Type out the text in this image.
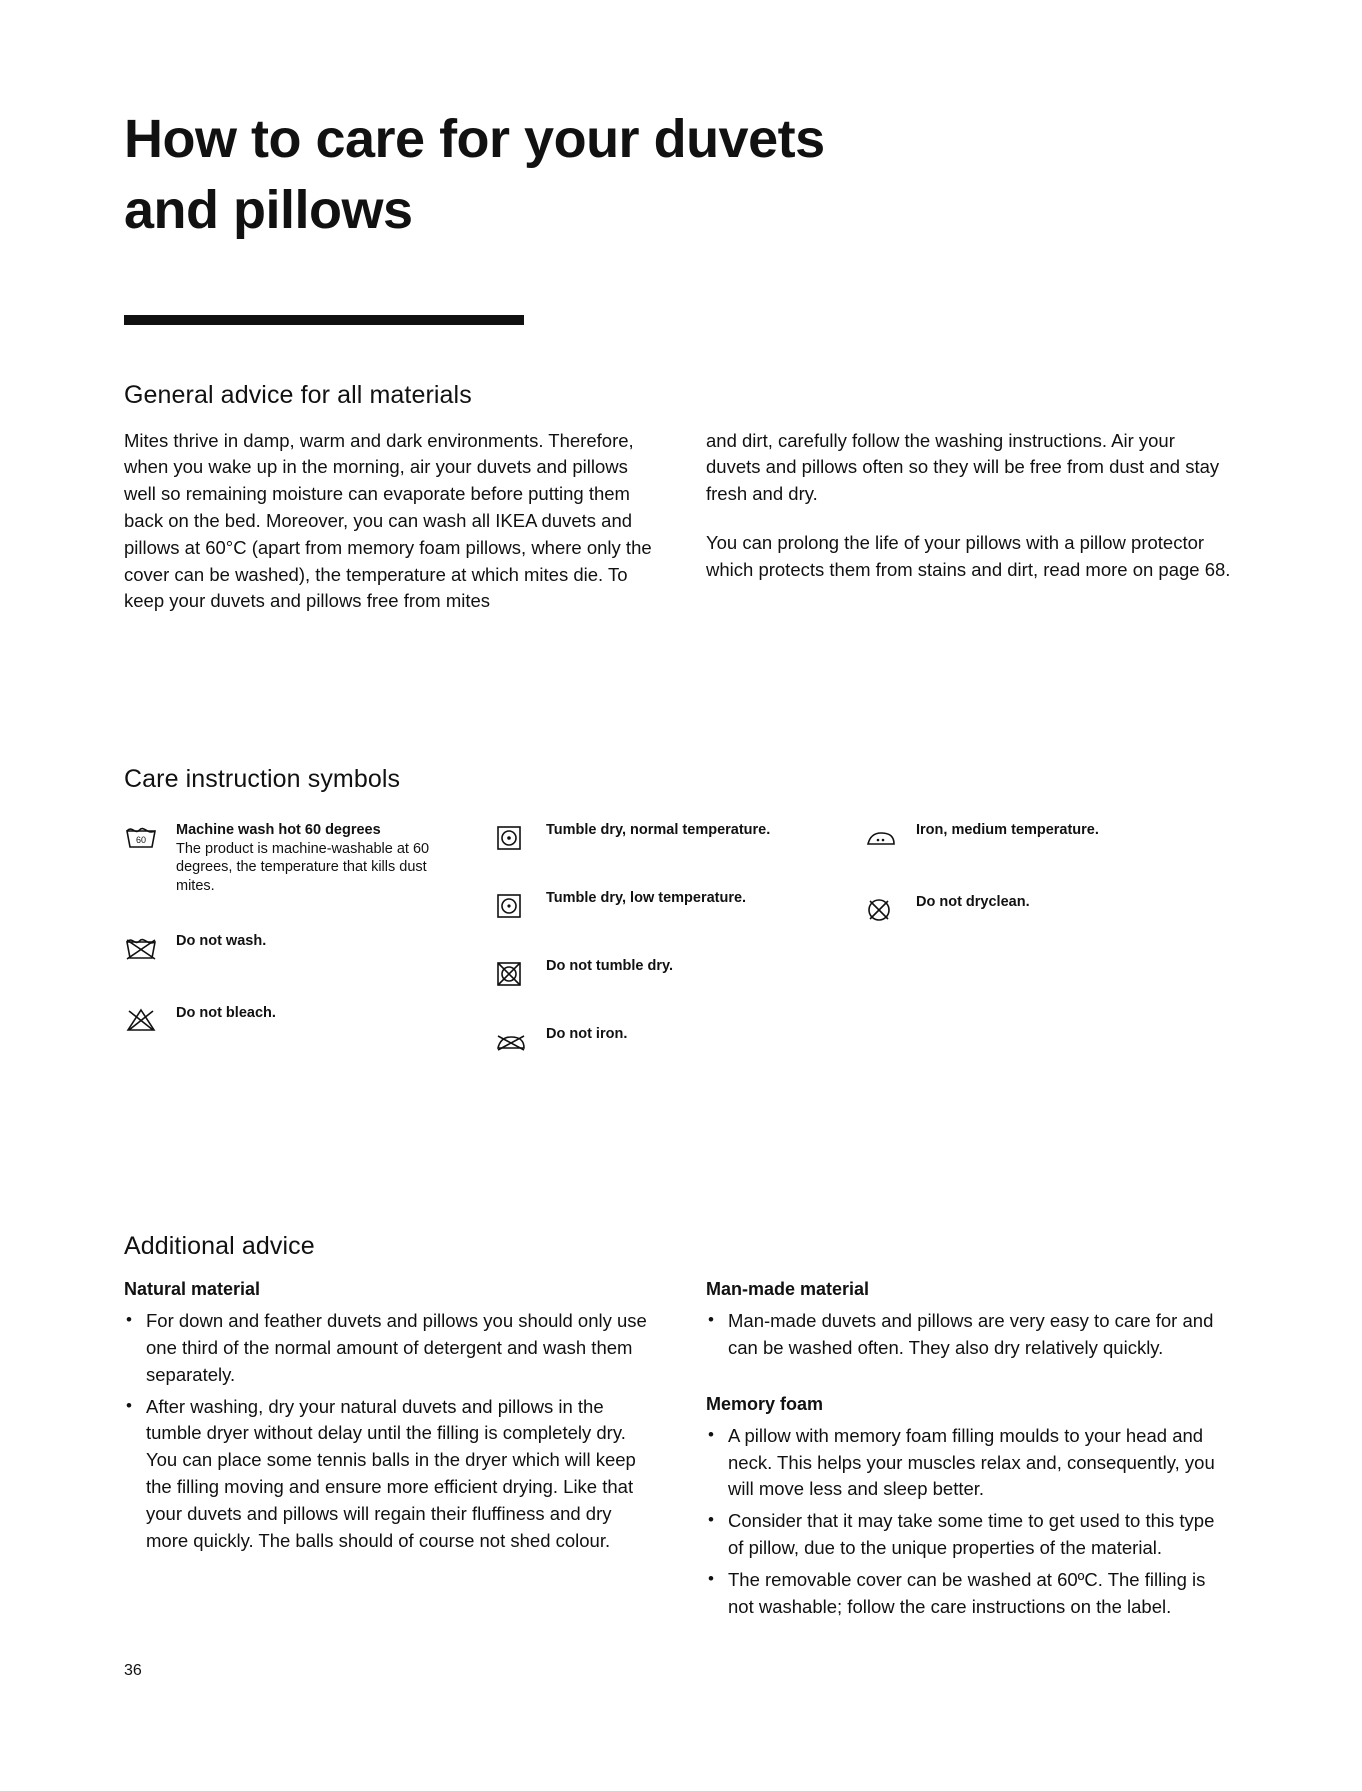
How to care for your duvets and pillows
General advice for all materials

Mites thrive in damp, warm and dark environments. Therefore, when you wake up in the morning, air your duvets and pillows well so remaining moisture can evaporate before putting them back on the bed. Moreover, you can wash all IKEA duvets and pillows at 60°C (apart from memory foam pillows, where only the cover can be washed), the temperature at which mites die. To keep your duvets and pillows free from mites

and dirt, carefully follow the washing instructions. Air your duvets and pillows often so they will be free from dust and stay fresh and dry.

You can prolong the life of your pillows with a pillow protector which protects them from stains and dirt, read more on page 68.

Care instruction symbols
60
Machine wash hot 60 degrees
The product is machine-washable at 60 degrees, the temperature that kills dust mites.
Do not wash.
Do not bleach.
Tumble dry, normal temperature.
Tumble dry, low temperature.
Do not tumble dry.
Do not iron.
Iron, medium temperature.
Do not dryclean.
Additional advice
Natural material
• For down and feather duvets and pillows you should only use one third of the normal amount of detergent and wash them separately.
• After washing, dry your natural duvets and pillows in the tumble dryer without delay until the filling is completely dry. You can place some tennis balls in the dryer which will keep the filling moving and ensure more efficient drying. Like that your duvets and pillows will regain their fluffiness and dry more quickly. The balls should of course not shed colour.
Man-made material
• Man-made duvets and pillows are very easy to care for and can be washed often. They also dry relatively quickly.
Memory foam
• A pillow with memory foam filling moulds to your head and neck. This helps your muscles relax and, consequently, you will move less and sleep better.
• Consider that it may take some time to get used to this type of pillow, due to the unique properties of the material.
• The removable cover can be washed at 60ºC. The filling is not washable; follow the care instructions on the label.
36
